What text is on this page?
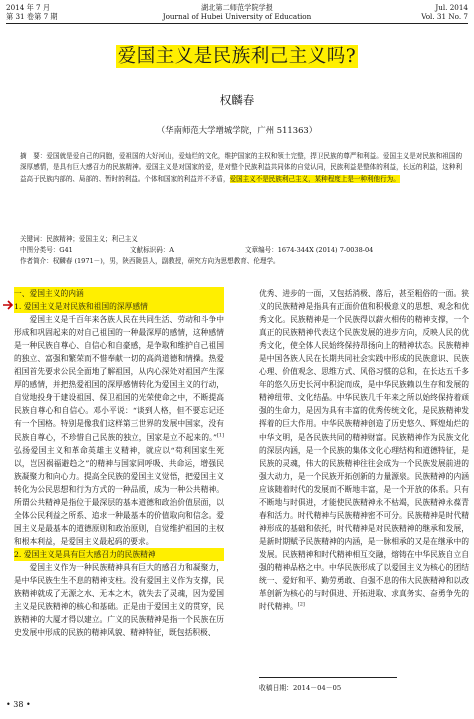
2014 年 7 月
第 31 卷第 7 期
湖北第二师范学院学报
Journal of Hubei University of Education
Jul. 2014
Vol. 31 No. 7
爱国主义是民族利己主义吗?
权麟春
（华南师范大学增城学院，广州 511363）
摘　要：爱国就是爱自己的同胞，爱祖国的大好河山，爱灿烂的文化，维护国家的主权和领土完整，捍卫民族的尊严和利益。爱国主义是对民族和祖国的深厚感情，是具有巨大感召力的民族精神。爱国主义是对国家的爱，是对整个民族利益共同体的自觉认同，民族利益是整体的利益，长远的利益，这种利益高于民族内部的、局部的、暂时的利益。个体和国家的利益并不矛盾，爱国主义不是民族利己主义，某种程度上是一种利他行为。
关键词：民族精神；爱国主义；利己主义
中图分类号：G41	文献标识码：A	文章编号：1674-344X (2014) 7-0038-04
作者简介：权麟春 (1971－)，男，陕西陇县人，副教授，研究方向为思想教育、伦理学。

一、爱国主义的内涵

1. 爱国主义是对民族和祖国的深厚感情

爱国主义是千百年来各族人民在共同生活、劳动和斗争中形成和巩固起来的对自己祖国的一种最深厚的感情，这种感情是一种民族自尊心、自信心和自豪感，是争取和维护自己祖国的独立、富强和繁荣而不惜奉献一切的高尚道德和情操。热爱祖国首先要求公民全面地了解祖国，从内心深处对祖国产生深厚的感情，并把热爱祖国的深厚感情转化为爱国主义的行动，自觉地投身于建设祖国、保卫祖国的光荣使命之中，不断提高民族自尊心和自信心。邓小平说：“谈到人格，但不要忘记还有一个国格。特别是像我们这样第三世界的发展中国家，没有民族自尊心，不珍惜自己民族的独立，国家是立不起来的。”[1]弘扬爱国主义和革命英雄主义精神，就应以“苟利国家生死以，岂因祸福避趋之”的精神与国家同呼吸、共命运，增强民族凝聚力和向心力。提高全民族的爱国主义觉悟，把爱国主义转化为公民思想和行为方式的一种品质，成为一种公共精神。所谓公共精神是指位于最深层的基本道德和政治价值层面，以全体公民利益之所系、追求一种最基本的价值取向和信念。爱国主义是最基本的道德原则和政治原则，自觉维护祖国的主权和根本利益，是爱国主义最起码的要求。

2. 爱国主义是具有巨大感召力的民族精神

爱国主义作为一种民族精神具有巨大的感召力和凝聚力，是中华民族生生不息的精神支柱。没有爱国主义作为支撑，民族精神就成了无源之水、无本之木，就失去了灵魂，因为爱国主义是民族精神的核心和基础。正是由于爱国主义的贯穿，民族精神的大厦才得以建立。广义的民族精神是指一个民族在历史发展中形成的民族的精神风貌、精神特征，既包括积极、

优秀、进步的一面，又包括消极、落后，甚至粗俗的一面。狭义的民族精神是指具有正面价值和积极意义的思想、观念和优秀文化。民族精神是一个民族得以薪火相传的精神支撑，一个真正的民族精神代表这个民族发展的进步方向，反映人民的优秀文化，使全体人民始终保持昂扬向上的精神状态。民族精神是中国各族人民在长期共同社会实践中形成的民族意识、民族心理、价值观念、思维方式、风俗习惯的总和，在长达五千多年的悠久历史长河中积淀而成，是中华民族赖以生存和发展的精神纽带、文化结晶。中华民族几千年来之所以始终保持着顽强的生命力，是因为具有丰富的优秀传统文化，是民族精神发挥着的巨大作用。中华民族精神创造了历史悠久、辉煌灿烂的中华文明，是各民族共同的精神财富。民族精神作为民族文化的深层内涵，是一个民族的集体文化心理结构和道德特征，是民族的灵魂，伟大的民族精神往往会成为一个民族发展前进的强大动力，是一个民族开拓创新的力量源泉。民族精神的内涵应该随着时代的发展而不断地丰富，是一个开放的体系。只有不断地与时俱进，才能使民族精神永不枯竭，民族精神永葆青春和活力。时代精神与民族精神密不可分。民族精神是时代精神形成的基础和依托，时代精神是对民族精神的继承和发展，是新时期赋予民族精神的内涵，是一脉相承的又是在继承中的发展。民族精神和时代精神相互交融，熔铸在中华民族自立自强的精神品格之中。中华民族形成了以爱国主义为核心的团结统一、爱好和平、勤劳勇敢、自强不息的伟大民族精神和以改革创新为核心的与时俱进、开拓进取、求真务实、奋勇争先的时代精神。[2]

收稿日期：2014－04－05
• 38 •
